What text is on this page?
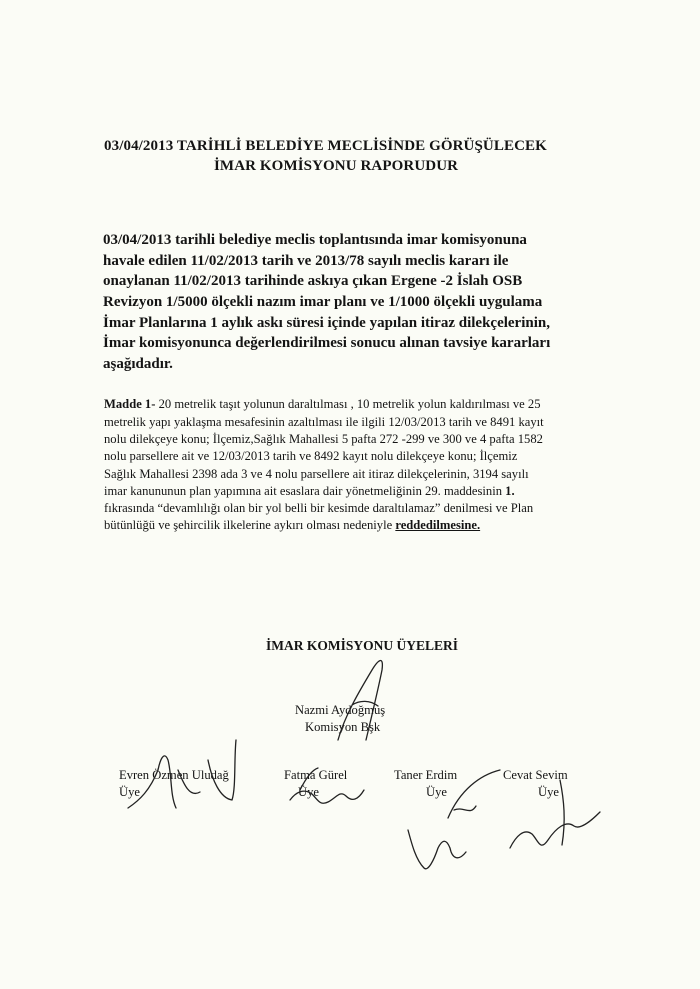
03/04/2013 TARİHLİ BELEDİYE MECLİSİNDE GÖRÜŞÜLECEK
İMAR KOMİSYONU RAPORUDUR
03/04/2013 tarihli belediye meclis toplantısında imar komisyonuna
havale edilen 11/02/2013 tarih ve 2013/78 sayılı meclis kararı ile
onaylanan 11/02/2013 tarihinde askıya çıkan Ergene -2 İslah OSB
Revizyon 1/5000 ölçekli nazım imar planı ve 1/1000 ölçekli uygulama
İmar Planlarına 1 aylık askı süresi içinde yapılan itiraz dilekçelerinin,
İmar komisyonunca değerlendirilmesi sonucu alınan tavsiye kararları
aşağıdadır.
Madde 1- 20 metrelik taşıt yolunun daraltılması , 10 metrelik yolun kaldırılması ve 25
metrelik yapı yaklaşma mesafesinin azaltılması ile ilgili 12/03/2013 tarih ve 8491 kayıt
nolu dilekçeye konu; İlçemiz,Sağlık Mahallesi 5 pafta 272 -299 ve 300 ve 4 pafta 1582
nolu parsellere ait ve 12/03/2013 tarih ve 8492 kayıt nolu dilekçeye konu; İlçemiz
Sağlık Mahallesi 2398 ada 3 ve 4 nolu parsellere ait itiraz dilekçelerinin, 3194 sayılı
imar kanununun plan yapımına ait esaslara dair yönetmeliğinin 29. maddesinin 1.
fıkrasında “devamlılığı olan bir yol belli bir kesimde daraltılamaz” denilmesi ve Plan
bütünlüğü ve şehircilik ilkelerine aykırı olması nedeniyle reddedilmesine.
İMAR KOMİSYONU ÜYELERİ
Nazmi Aydoğmuş
Komisyon Bşk
Evren Özmen Uludağ
Üye
Fatma Gürel
Üye
Taner Erdim
Üye
Cevat Sevim
Üye
